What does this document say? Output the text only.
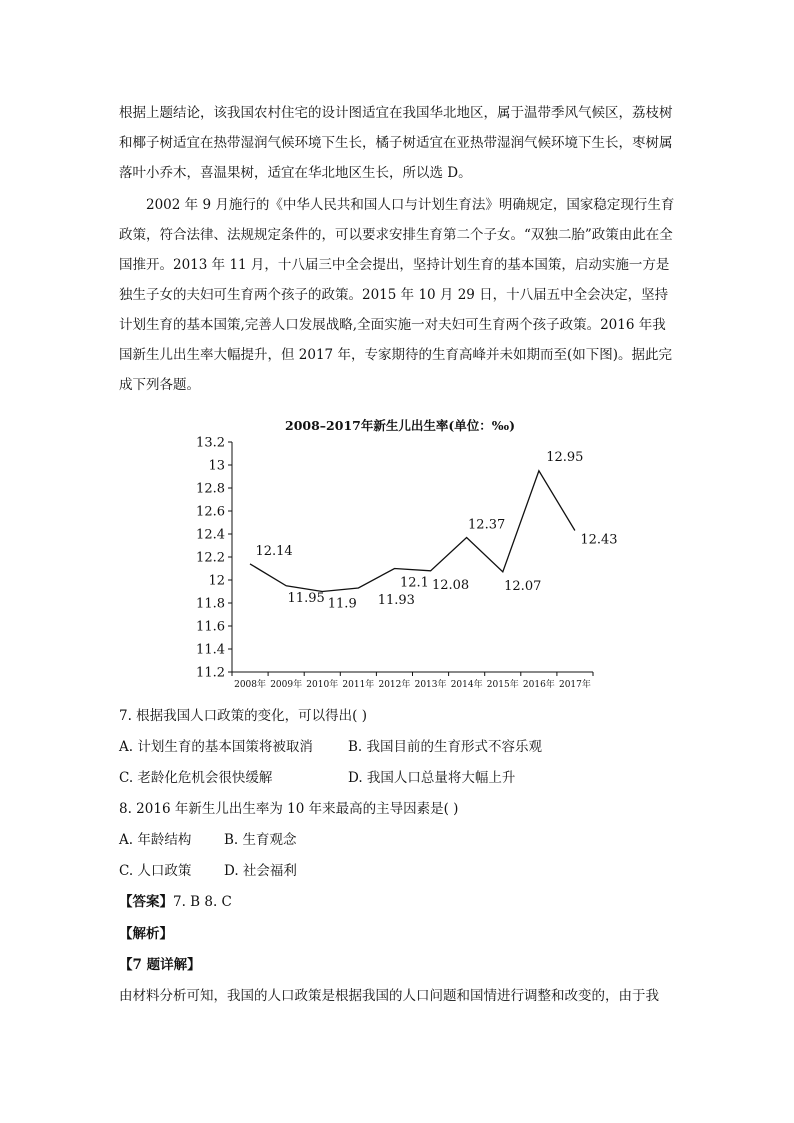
根据上题结论，该我国农村住宅的设计图适宜在我国华北地区，属于温带季风气候区，荔枝树和椰子树适宜在热带湿润气候环境下生长，橘子树适宜在亚热带湿润气候环境下生长，枣树属落叶小乔木，喜温果树，适宜在华北地区生长，所以选 D。

2002 年 9 月施行的《中华人民共和国人口与计划生育法》明确规定，国家稳定现行生育政策，符合法律、法规规定条件的，可以要求安排生育第二个子女。“双独二胎”政策由此在全国推开。2013 年 11 月，十八届三中全会提出，坚持计划生育的基本国策，启动实施一方是独生子女的夫妇可生育两个孩子的政策。2015 年 10 月 29 日，十八届五中全会决定，坚持计划生育的基本国策,完善人口发展战略,全面实施一对夫妇可生育两个孩子政策。2016 年我国新生儿出生率大幅提升，但 2017 年，专家期待的生育高峰并未如期而至(如下图)。据此完成下列各题。

2008–2017年新生儿出生率(单位：‰)
11.2
11.4
11.6
11.8
12
12.2
12.4
12.6
12.8
13
13.2
2008年 2009年 2010年 2011年 2012年 2013年 2014年 2015年 2016年 2017年
12.14
11.95 11.9 11.93
12.1 12.08
12.37
12.07
12.95
12.43
7. 根据我国人口政策的变化，可以得出( )
A. 计划生育的基本国策将被取消	B. 我国目前的生育形式不容乐观
C. 老龄化危机会很快缓解	D. 我国人口总量将大幅上升
8. 2016 年新生儿出生率为 10 年来最高的主导因素是( )
A. 年龄结构 B. 生育观念
C. 人口政策 D. 社会福利
【答案】7. B 8. C
【解析】
【7 题详解】
由材料分析可知，我国的人口政策是根据我国的人口问题和国情进行调整和改变的，由于我
